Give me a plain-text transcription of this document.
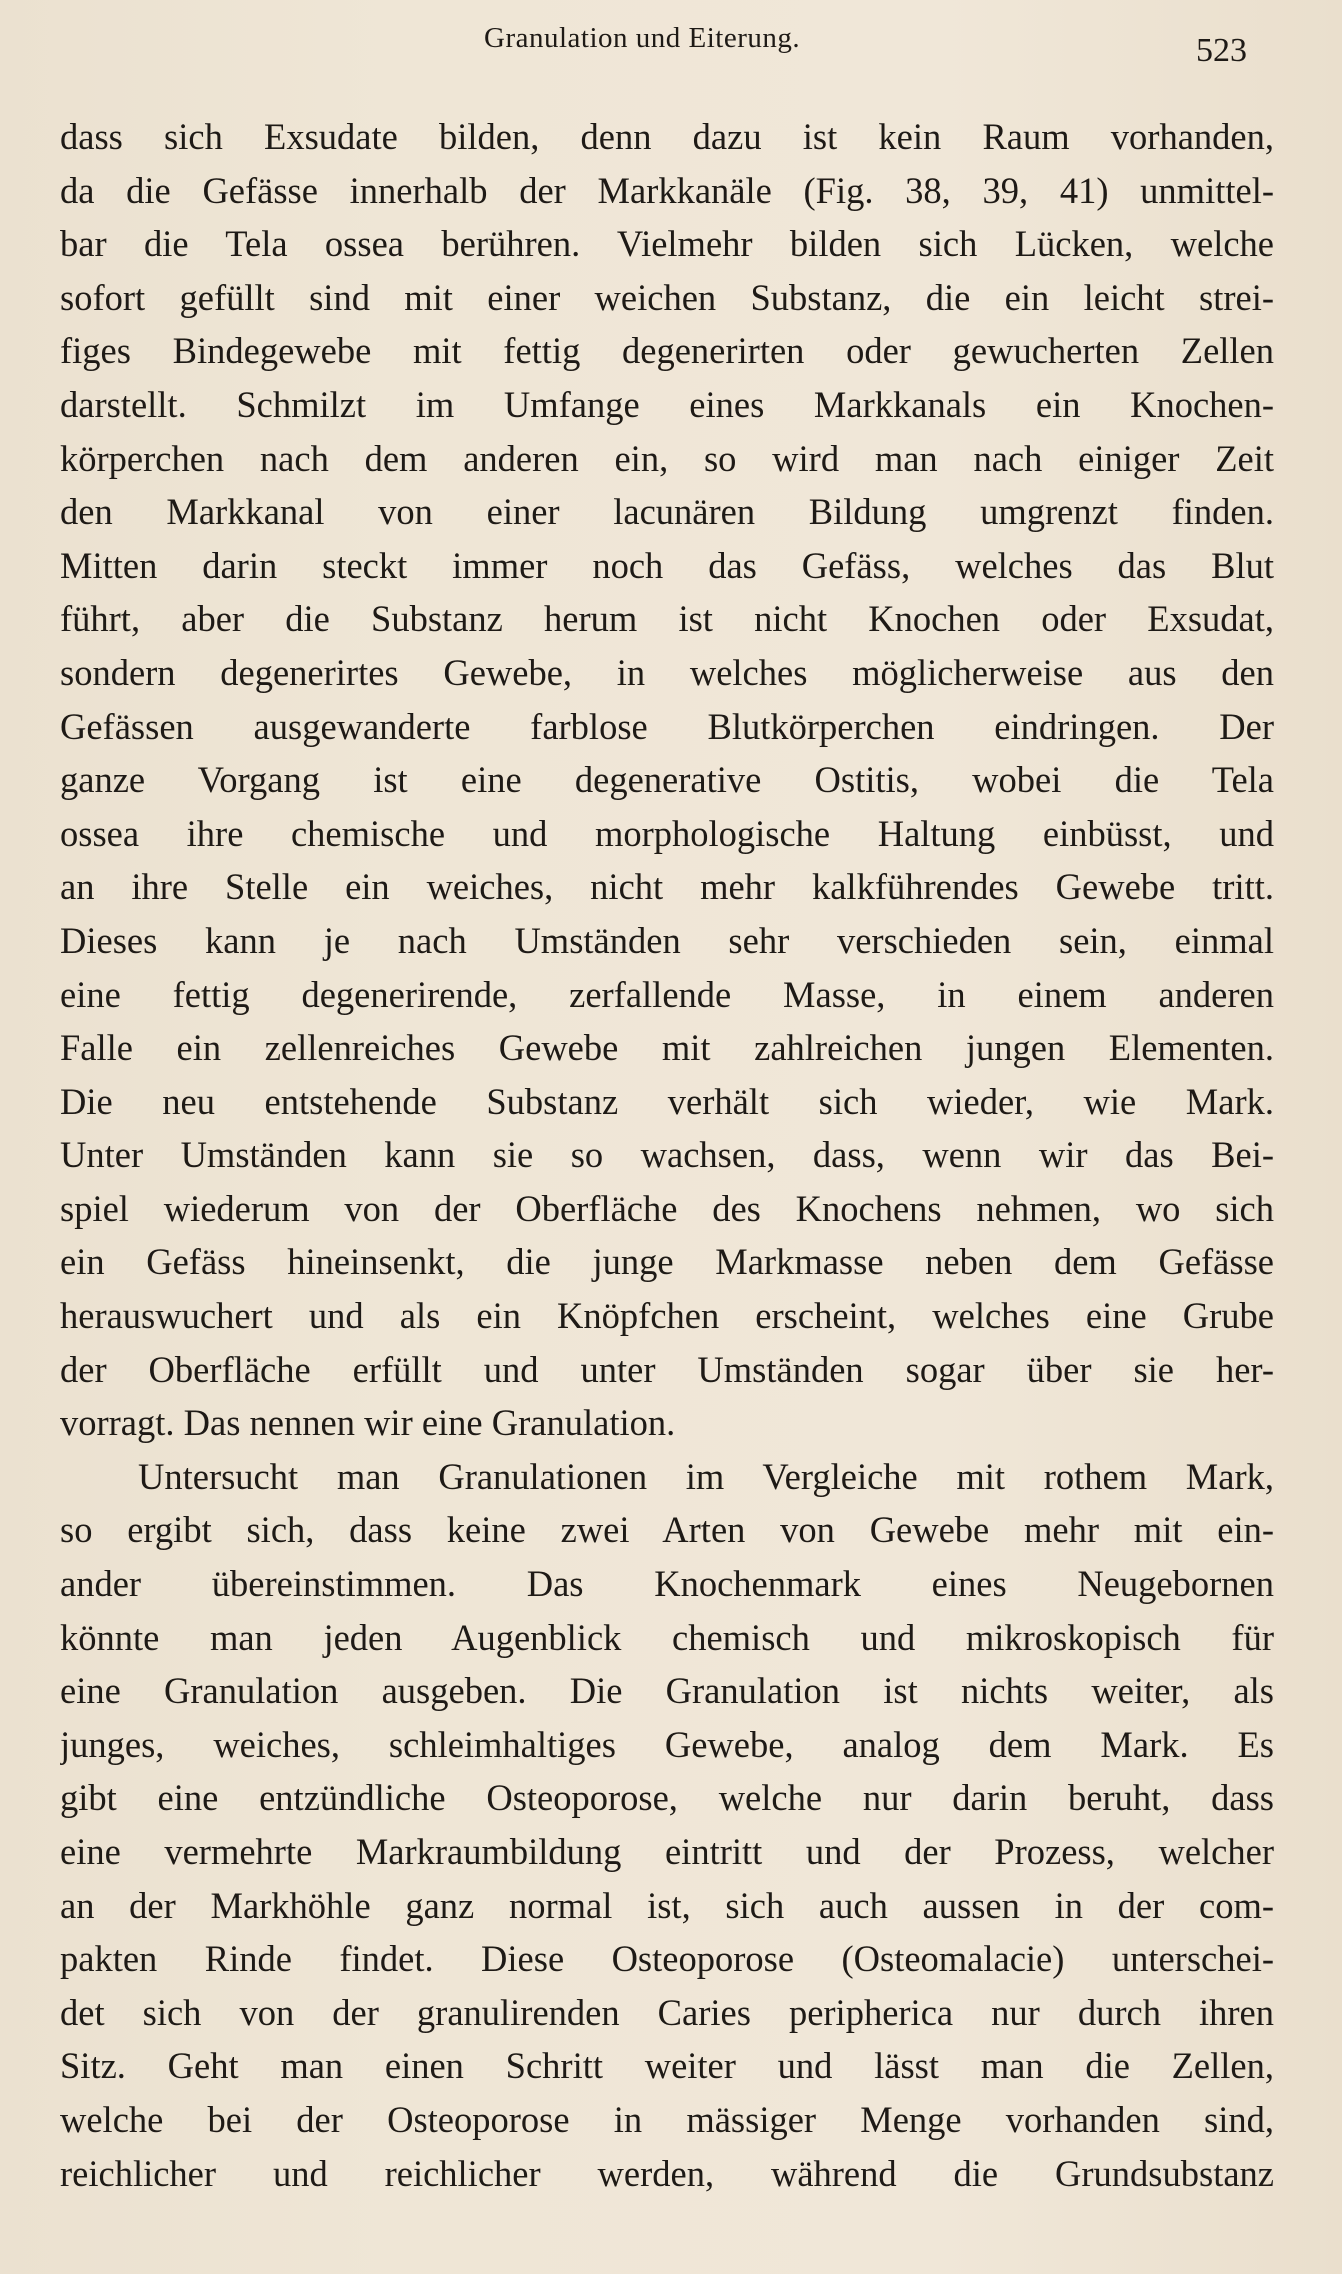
Granulation und Eiterung.	523
dass sich Exsudate bilden, denn dazu ist kein Raum vorhanden,
da die Gefässe innerhalb der Markkanäle (Fig. 38, 39, 41) unmittel-
bar die Tela ossea berühren. Vielmehr bilden sich Lücken, welche
sofort gefüllt sind mit einer weichen Substanz, die ein leicht strei-
figes Bindegewebe mit fettig degenerirten oder gewucherten Zellen
darstellt. Schmilzt im Umfange eines Markkanals ein Knochen-
körperchen nach dem anderen ein, so wird man nach einiger Zeit
den Markkanal von einer lacunären Bildung umgrenzt finden.
Mitten darin steckt immer noch das Gefäss, welches das Blut
führt, aber die Substanz herum ist nicht Knochen oder Exsudat,
sondern degenerirtes Gewebe, in welches möglicherweise aus den
Gefässen ausgewanderte farblose Blutkörperchen eindringen. Der
ganze Vorgang ist eine degenerative Ostitis, wobei die Tela
ossea ihre chemische und morphologische Haltung einbüsst, und
an ihre Stelle ein weiches, nicht mehr kalkführendes Gewebe tritt.
Dieses kann je nach Umständen sehr verschieden sein, einmal
eine fettig degenerirende, zerfallende Masse, in einem anderen
Falle ein zellenreiches Gewebe mit zahlreichen jungen Elementen.
Die neu entstehende Substanz verhält sich wieder, wie Mark.
Unter Umständen kann sie so wachsen, dass, wenn wir das Bei-
spiel wiederum von der Oberfläche des Knochens nehmen, wo sich
ein Gefäss hineinsenkt, die junge Markmasse neben dem Gefässe
herauswuchert und als ein Knöpfchen erscheint, welches eine Grube
der Oberfläche erfüllt und unter Umständen sogar über sie her-
vorragt. Das nennen wir eine Granulation.
Untersucht man Granulationen im Vergleiche mit rothem Mark,
so ergibt sich, dass keine zwei Arten von Gewebe mehr mit ein-
ander übereinstimmen. Das Knochenmark eines Neugebornen
könnte man jeden Augenblick chemisch und mikroskopisch für
eine Granulation ausgeben. Die Granulation ist nichts weiter, als
junges, weiches, schleimhaltiges Gewebe, analog dem Mark. Es
gibt eine entzündliche Osteoporose, welche nur darin beruht, dass
eine vermehrte Markraumbildung eintritt und der Prozess, welcher
an der Markhöhle ganz normal ist, sich auch aussen in der com-
pakten Rinde findet. Diese Osteoporose (Osteomalacie) unterschei-
det sich von der granulirenden Caries peripherica nur durch ihren
Sitz. Geht man einen Schritt weiter und lässt man die Zellen,
welche bei der Osteoporose in mässiger Menge vorhanden sind,
reichlicher und reichlicher werden, während die Grundsubstanz
